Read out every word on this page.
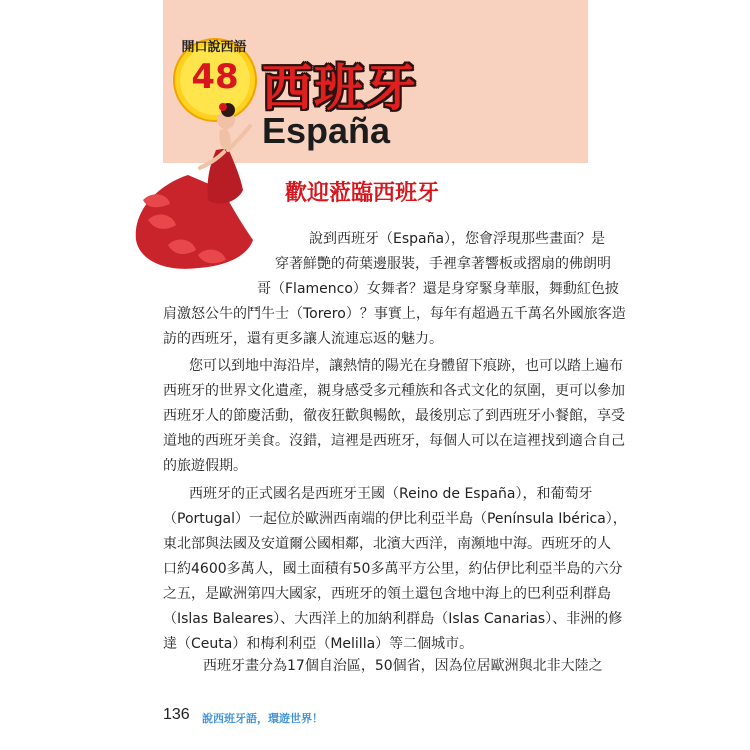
開口說西語
48 西班牙
España
歡迎蒞臨西班牙

說到西班牙（España），您會浮現那些畫面？是
穿著鮮艷的荷葉邊服裝，手裡拿著響板或摺扇的佛朗明
哥（Flamenco）女舞者？還是身穿緊身華服，舞動紅色披
肩激怒公牛的鬥牛士（Torero）？事實上，每年有超過五千萬名外國旅客造
訪的西班牙，還有更多讓人流連忘返的魅力。

您可以到地中海沿岸，讓熱情的陽光在身體留下痕跡，也可以踏上遍布
西班牙的世界文化遺產，親身感受多元種族和各式文化的氛圍，更可以參加
西班牙人的節慶活動，徹夜狂歡與暢飲，最後別忘了到西班牙小餐館，享受
道地的西班牙美食。沒錯，這裡是西班牙，每個人可以在這裡找到適合自己
的旅遊假期。

西班牙的正式國名是西班牙王國（Reino de España），和葡萄牙
（Portugal）一起位於歐洲西南端的伊比利亞半島（Península Ibérica），
東北部與法國及安道爾公國相鄰，北濱大西洋，南瀕地中海。西班牙的人
口約4600多萬人，國土面積有50多萬平方公里，約佔伊比利亞半島的六分
之五，是歐洲第四大國家，西班牙的領土還包含地中海上的巴利亞利群島
（Islas Baleares）、大西洋上的加納利群島（Islas Canarias）、非洲的修
達（Ceuta）和梅利利亞（Melilla）等二個城市。

西班牙畫分為17個自治區，50個省，因為位居歐洲與北非大陸之

136 說西班牙語，環遊世界！
